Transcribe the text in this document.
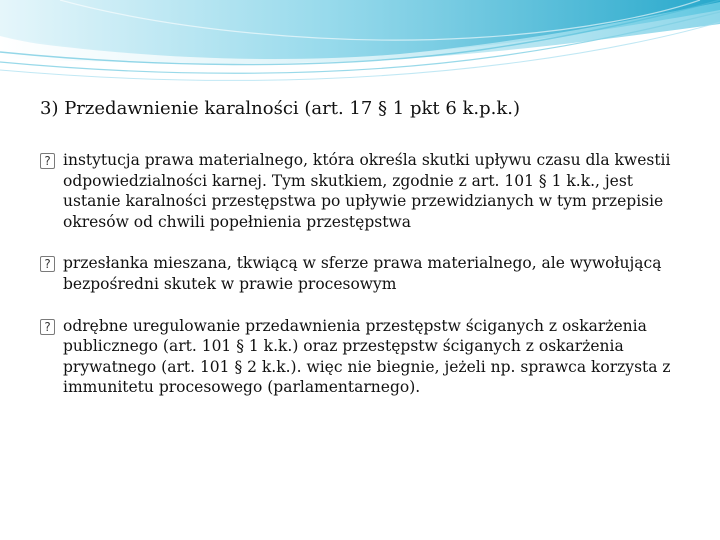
3) Przedawnienie karalności (art. 17 § 1 pkt 6 k.p.k.)
? instytucja prawa materialnego, która określa skutki upływu czasu dla kwestii odpowiedzialności karnej. Tym skutkiem, zgodnie z art. 101 § 1 k.k., jest ustanie karalności przestępstwa po upływie przewidzianych w tym przepisie okresów od chwili popełnienia przestępstwa
? przesłanka mieszana, tkwiącą w sferze prawa materialnego, ale wywołującą bezpośredni skutek w prawie procesowym
? odrębne uregulowanie przedawnienia przestępstw ściganych z oskarżenia publicznego (art. 101 § 1 k.k.) oraz przestępstw ściganych z oskarżenia prywatnego (art. 101 § 2 k.k.). więc nie biegnie, jeżeli np. sprawca korzysta z immunitetu procesowego (parlamentarnego).
